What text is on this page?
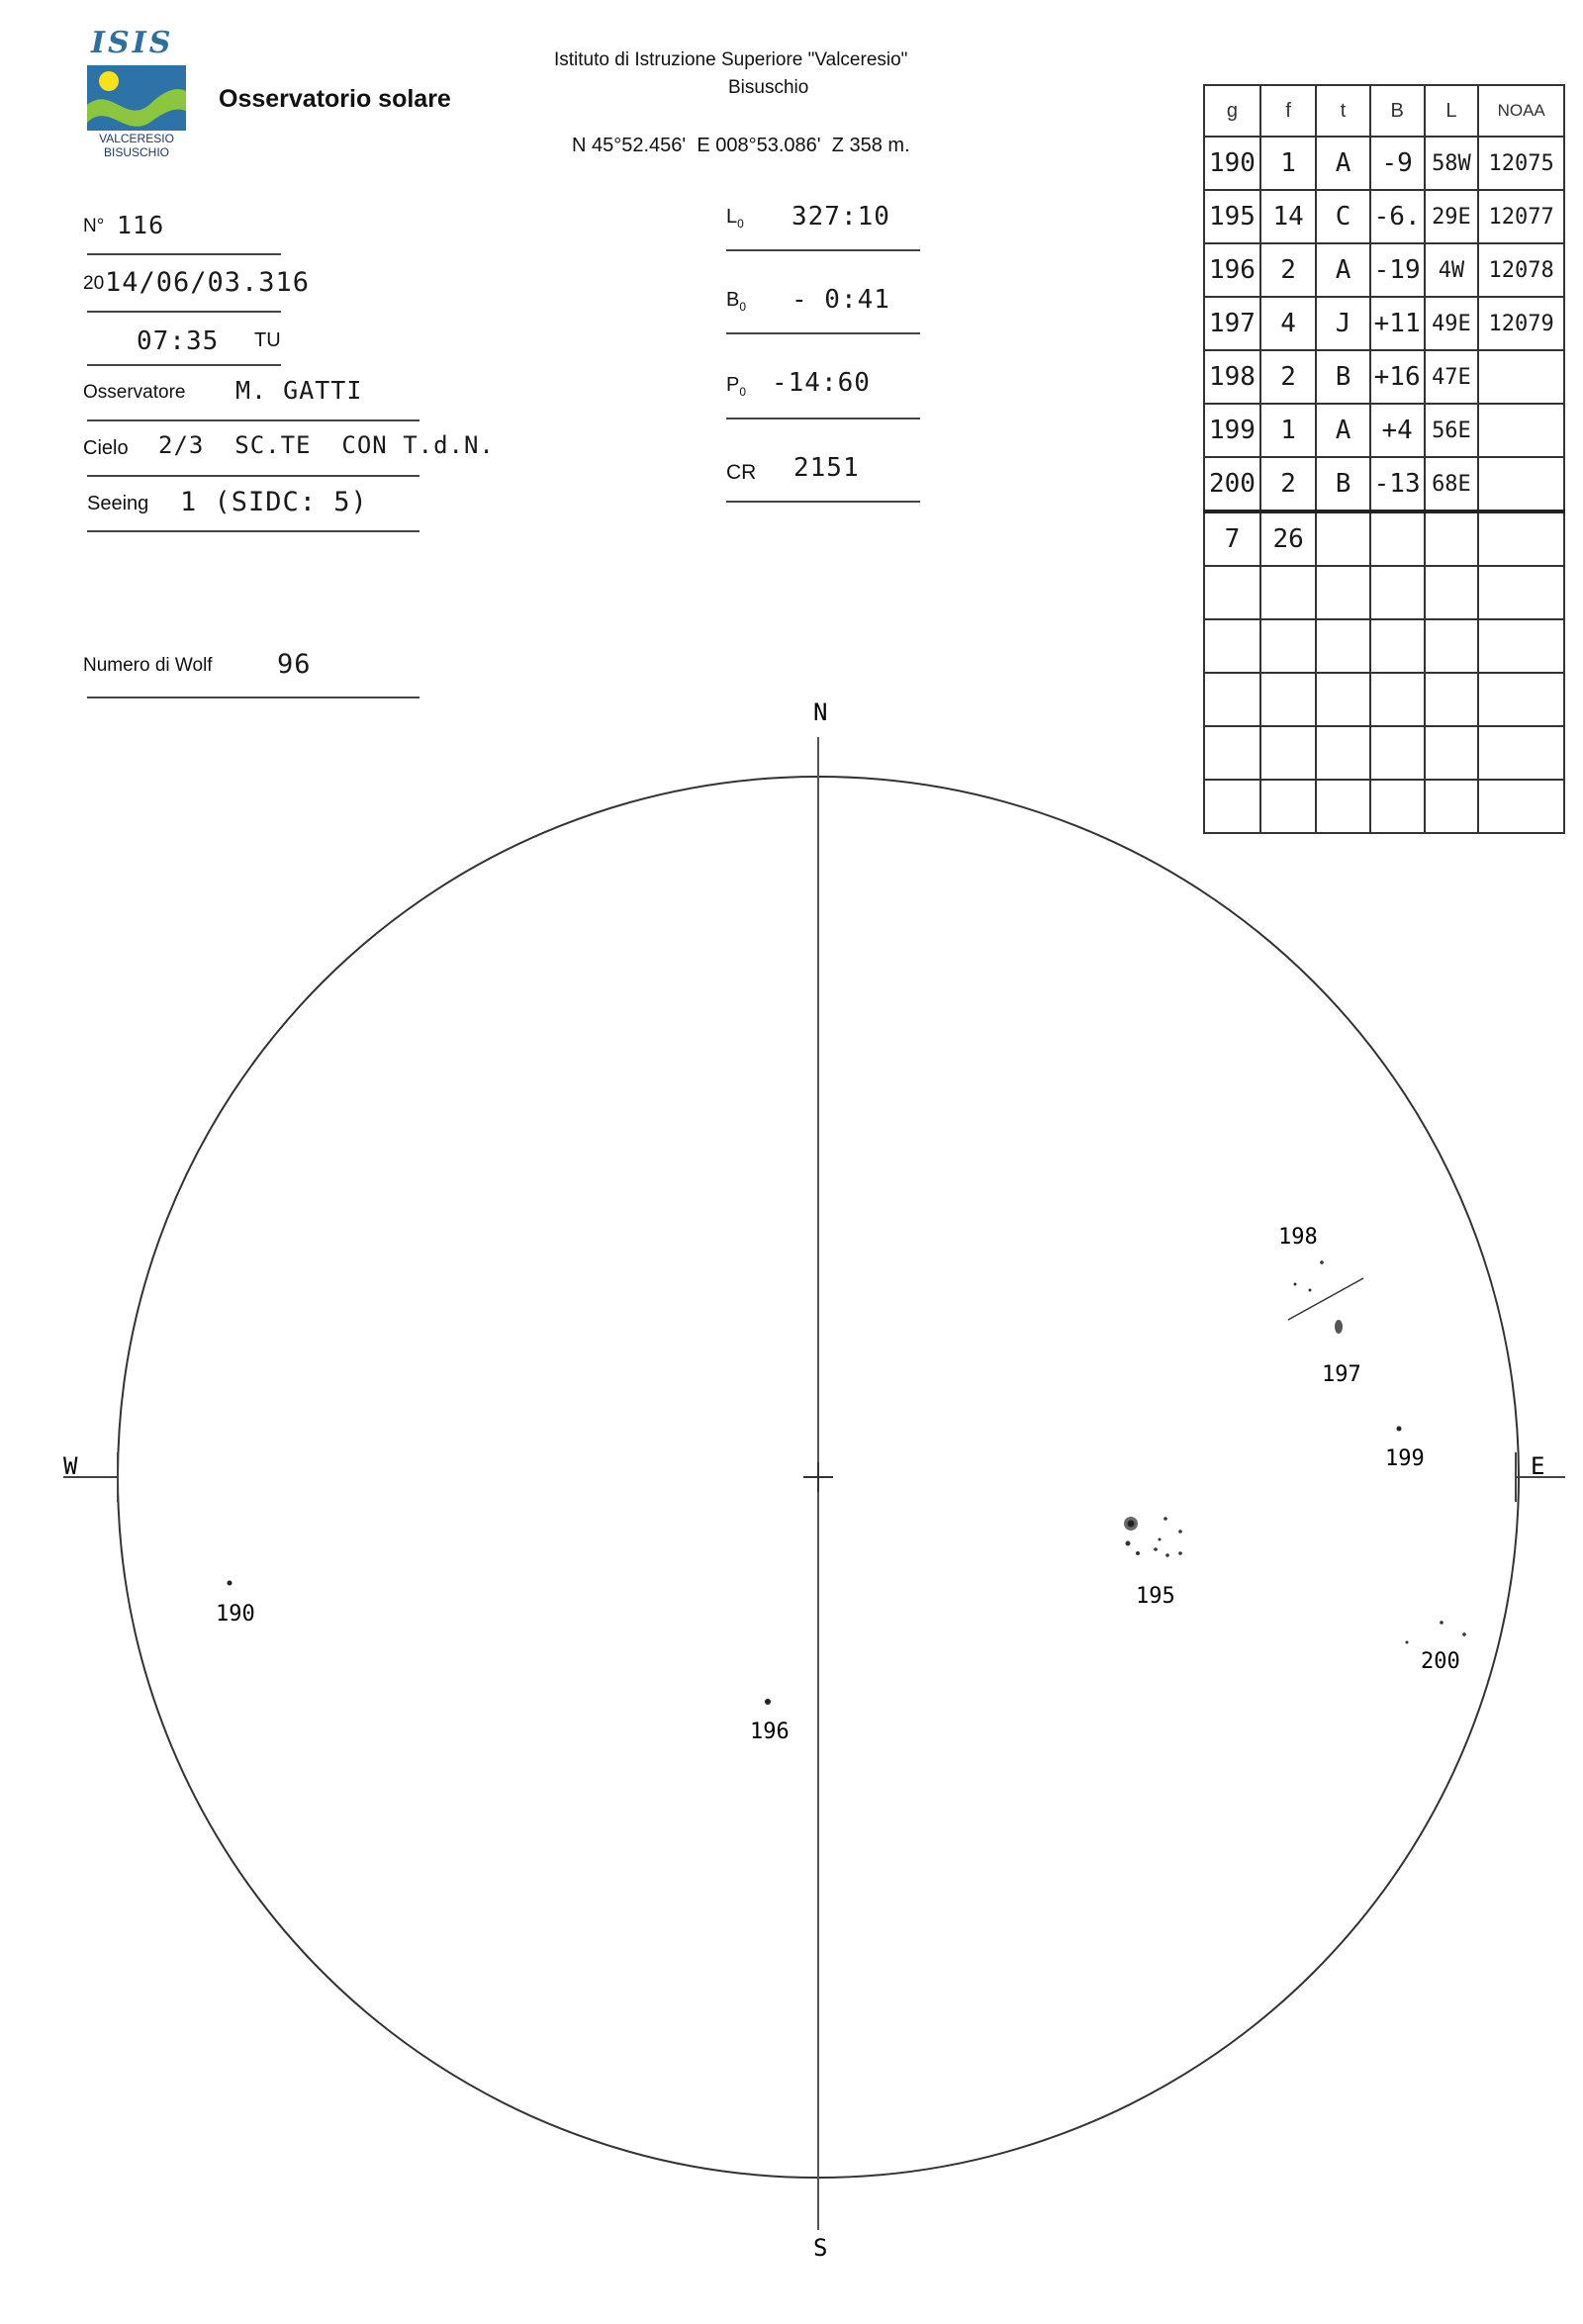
ISIS
VALCERESIO
BISUSCHIO
Osservatorio solare
Istituto di Istruzione Superiore "Valceresio"
Bisuschio
N 45°52.456'  E 008°53.086'  Z 358 m.
N° 116
20 14/06/03.316
07:35 TU
Osservatore M. GATTI
Cielo 2/3  SC.TE  CON T.d.N.
Seeing 1 (SIDC: 5)
Numero di Wolf 96
$L_0$ 327:10
$B_0$ - 0:41
$P_0$ -14:60
CR 2151
g	f	t	B	L	NOAA
190	1	A	-9	58W	12075
195	14	C	-6.	29E	12077
196	2	A	-19	4W	12078
197	4	J	+11	49E	12079
198	2	B	+16	47E	
199	1	A	+4	56E	
200	2	B	-13	68E	
7	26				

N
S
W	E
190
196
195
198
197
199
200
